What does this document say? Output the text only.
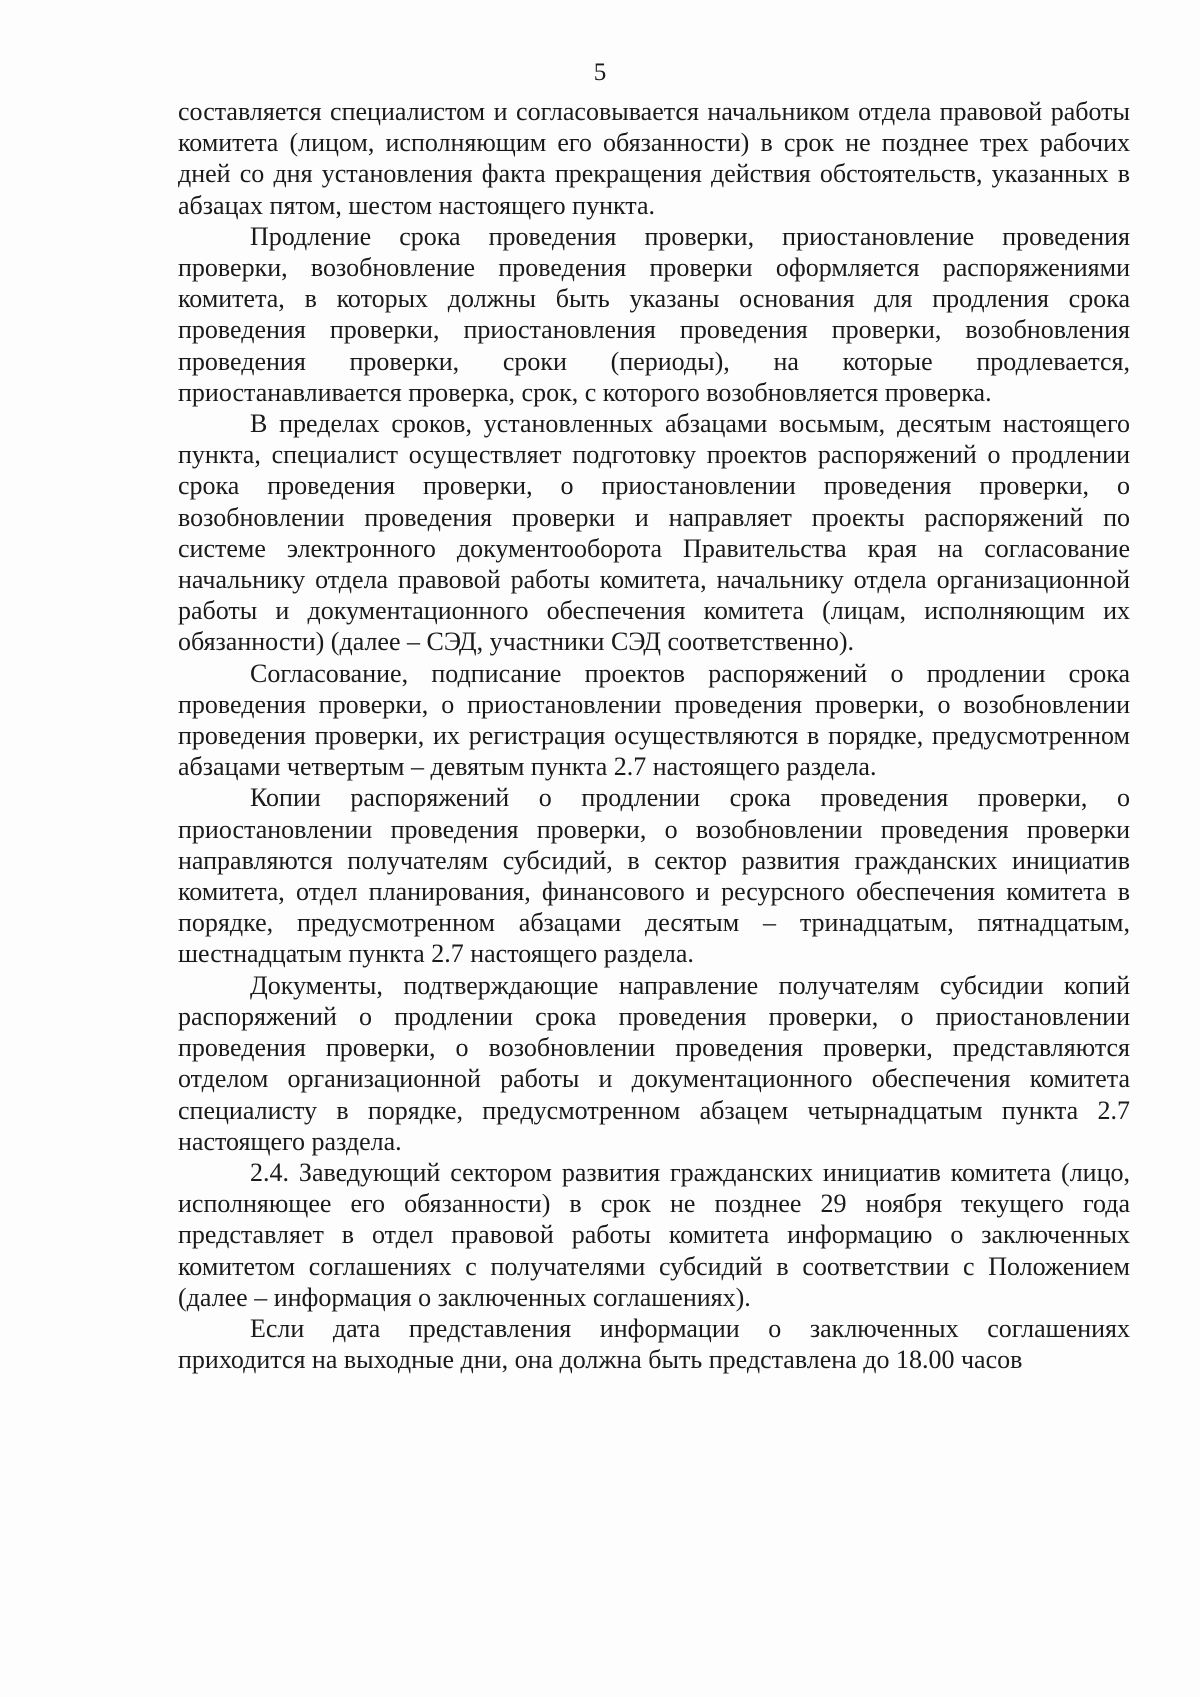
5

составляется специалистом и согласовывается начальником отдела правовой работы комитета (лицом, исполняющим его обязанности) в срок не позднее трех рабочих дней со дня установления факта прекращения действия обстоятельств, указанных в абзацах пятом, шестом настоящего пункта.

Продление срока проведения проверки, приостановление проведения проверки, возобновление проведения проверки оформляется распоряжениями комитета, в которых должны быть указаны основания для продления срока проведения проверки, приостановления проведения проверки, возобновления проведения проверки, сроки (периоды), на которые продлевается, приостанавливается проверка, срок, с которого возобновляется проверка.

В пределах сроков, установленных абзацами восьмым, десятым настоящего пункта, специалист осуществляет подготовку проектов распоряжений о продлении срока проведения проверки, о приостановлении проведения проверки, о возобновлении проведения проверки и направляет проекты распоряжений по системе электронного документооборота Правительства края на согласование начальнику отдела правовой работы комитета, начальнику отдела организационной работы и документационного обеспечения комитета (лицам, исполняющим их обязанности) (далее – СЭД, участники СЭД соответственно).

Согласование, подписание проектов распоряжений о продлении срока проведения проверки, о приостановлении проведения проверки, о возобновлении проведения проверки, их регистрация осуществляются в порядке, предусмотренном абзацами четвертым – девятым пункта 2.7 настоящего раздела.

Копии распоряжений о продлении срока проведения проверки, о приостановлении проведения проверки, о возобновлении проведения проверки направляются получателям субсидий, в сектор развития гражданских инициатив комитета, отдел планирования, финансового и ресурсного обеспечения комитета в порядке, предусмотренном абзацами десятым – тринадцатым, пятнадцатым, шестнадцатым пункта 2.7 настоящего раздела.

Документы, подтверждающие направление получателям субсидии копий распоряжений о продлении срока проведения проверки, о приостановлении проведения проверки, о возобновлении проведения проверки, представляются отделом организационной работы и документационного обеспечения комитета специалисту в порядке, предусмотренном абзацем четырнадцатым пункта 2.7 настоящего раздела.

2.4. Заведующий сектором развития гражданских инициатив комитета (лицо, исполняющее его обязанности) в срок не позднее 29 ноября текущего года представляет в отдел правовой работы комитета информацию о заключенных комитетом соглашениях с получателями субсидий в соответствии с Положением (далее – информация о заключенных соглашениях).

Если дата представления информации о заключенных соглашениях приходится на выходные дни, она должна быть представлена до 18.00 часов
